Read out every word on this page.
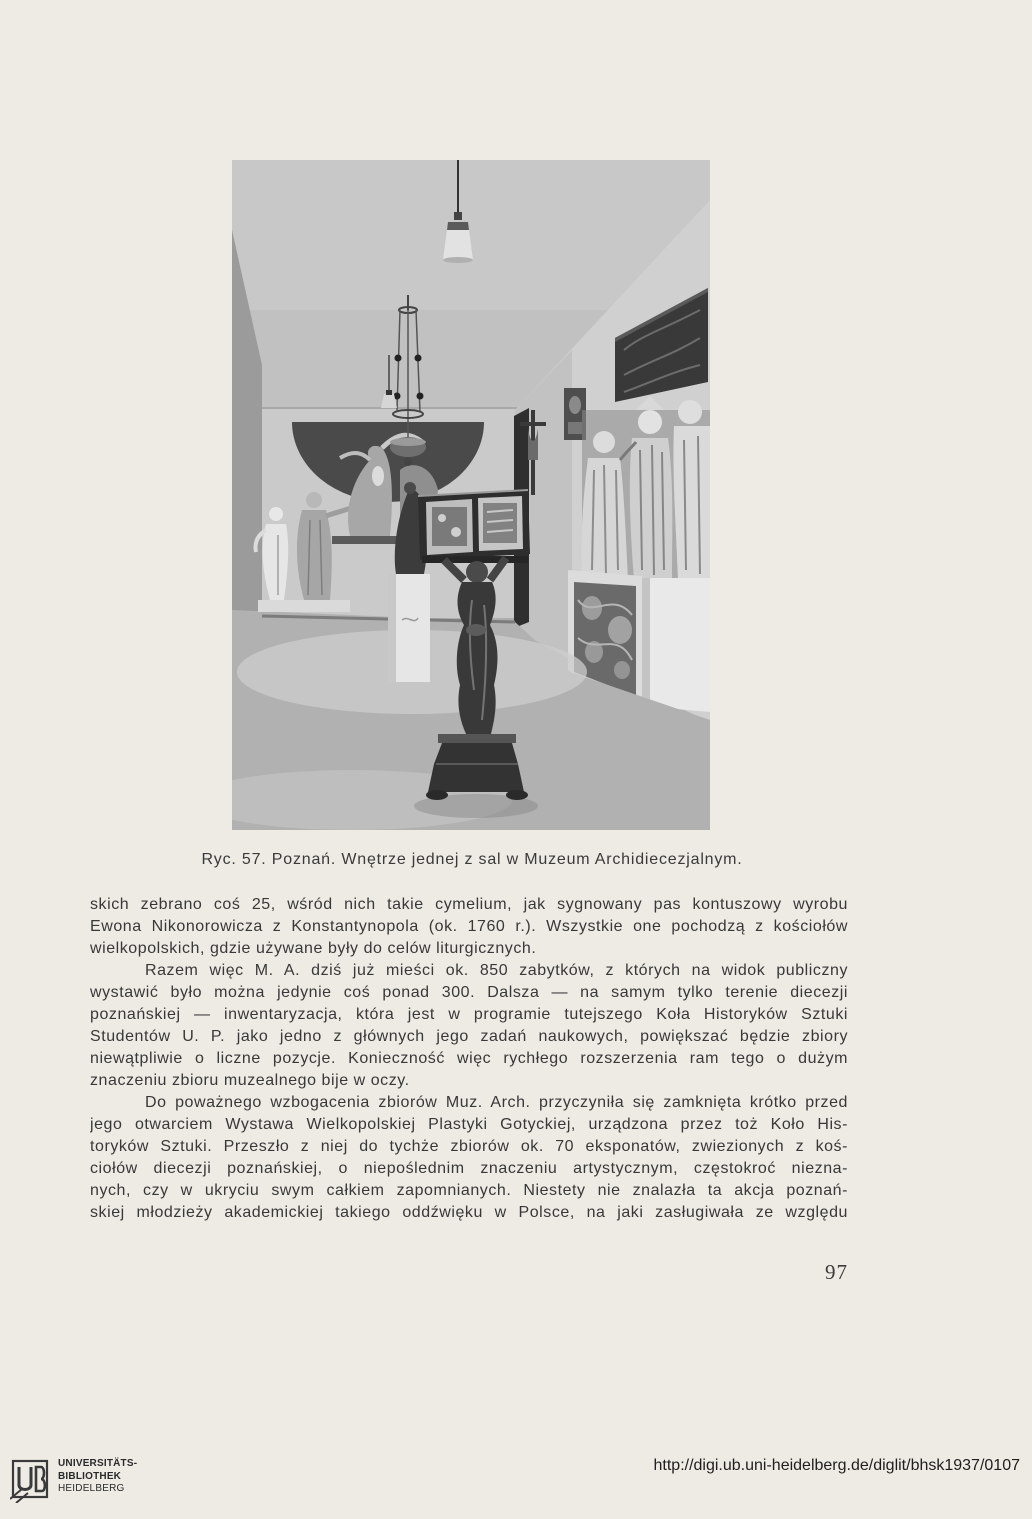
Ryc. 57. Poznań. Wnętrze jednej z sal w Muzeum Archidiecezjalnym.
skich zebrano coś 25, wśród nich takie cymelium, jak sygnowany pas kontuszowy wyrobu
Ewona Nikonorowicza z Konstantynopola (ok. 1760 r.). Wszystkie one pochodzą z kościołów
wielkopolskich, gdzie używane były do celów liturgicznych.
Razem więc M. A. dziś już mieści ok. 850 zabytków, z których na widok publiczny
wystawić było można jedynie coś ponad 300. Dalsza — na samym tylko terenie diecezji
poznańskiej — inwentaryzacja, która jest w programie tutejszego Koła Historyków Sztuki
Studentów U. P. jako jedno z głównych jego zadań naukowych, powiększać będzie zbiory
niewątpliwie o liczne pozycje. Konieczność więc rychłego rozszerzenia ram tego o dużym
znaczeniu zbioru muzealnego bije w oczy.
Do poważnego wzbogacenia zbiorów Muz. Arch. przyczyniła się zamknięta krótko przed
jego otwarciem Wystawa Wielkopolskiej Plastyki Gotyckiej, urządzona przez toż Koło His-
toryków Sztuki. Przeszło z niej do tychże zbiorów ok. 70 eksponatów, zwiezionych z koś-
ciołów diecezji poznańskiej, o niepoślednim znaczeniu artystycznym, częstokroć niezna-
nych, czy w ukryciu swym całkiem zapomnianych. Niestety nie znalazła ta akcja poznań-
skiej młodzieży akademickiej takiego oddźwięku w Polsce, na jaki zasługiwała ze względu
97
UNIVERSITÄTS-
BIBLIOTHEK
HEIDELBERG
http://digi.ub.uni-heidelberg.de/diglit/bhsk1937/0107
